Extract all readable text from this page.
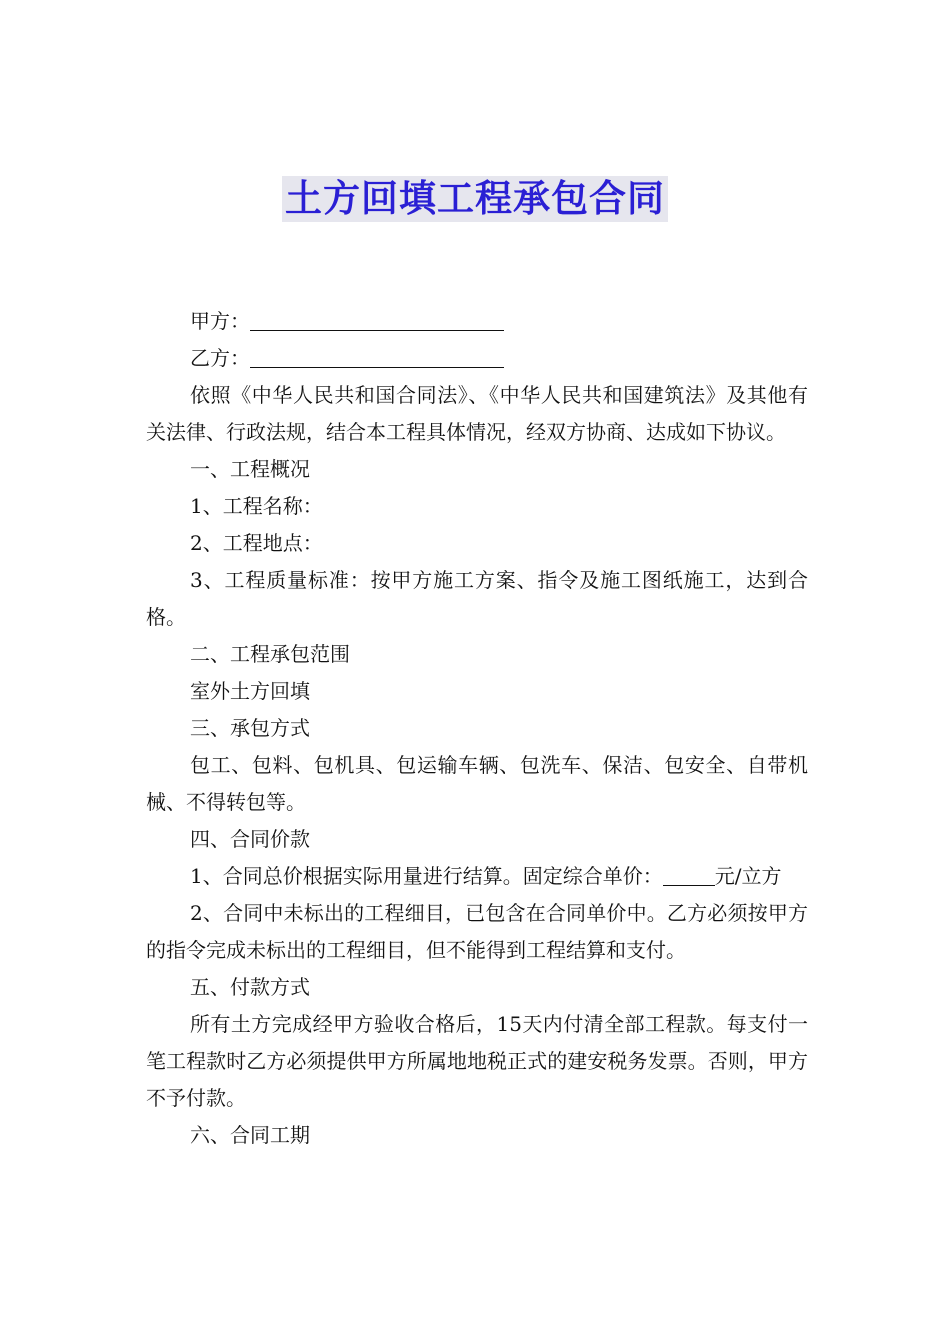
土方回填工程承包合同

甲方：

乙方：

依照《中华人民共和国合同法》、《中华人民共和国建筑法》及其他有关法律、行政法规，结合本工程具体情况，经双方协商、达成如下协议。

一、工程概况

1、工程名称：

2、工程地点：

3、工程质量标准：按甲方施工方案、指令及施工图纸施工，达到合格。

二、工程承包范围

室外土方回填

三、承包方式

包工、包料、包机具、包运输车辆、包洗车、保洁、包安全、自带机械、不得转包等。

四、合同价款

1、合同总价根据实际用量进行结算。固定综合单价：	元/立方

2、合同中未标出的工程细目，已包含在合同单价中。乙方必须按甲方的指令完成未标出的工程细目，但不能得到工程结算和支付。

五、付款方式

所有土方完成经甲方验收合格后，15天内付清全部工程款。每支付一笔工程款时乙方必须提供甲方所属地地税正式的建安税务发票。否则，甲方不予付款。

六、合同工期
